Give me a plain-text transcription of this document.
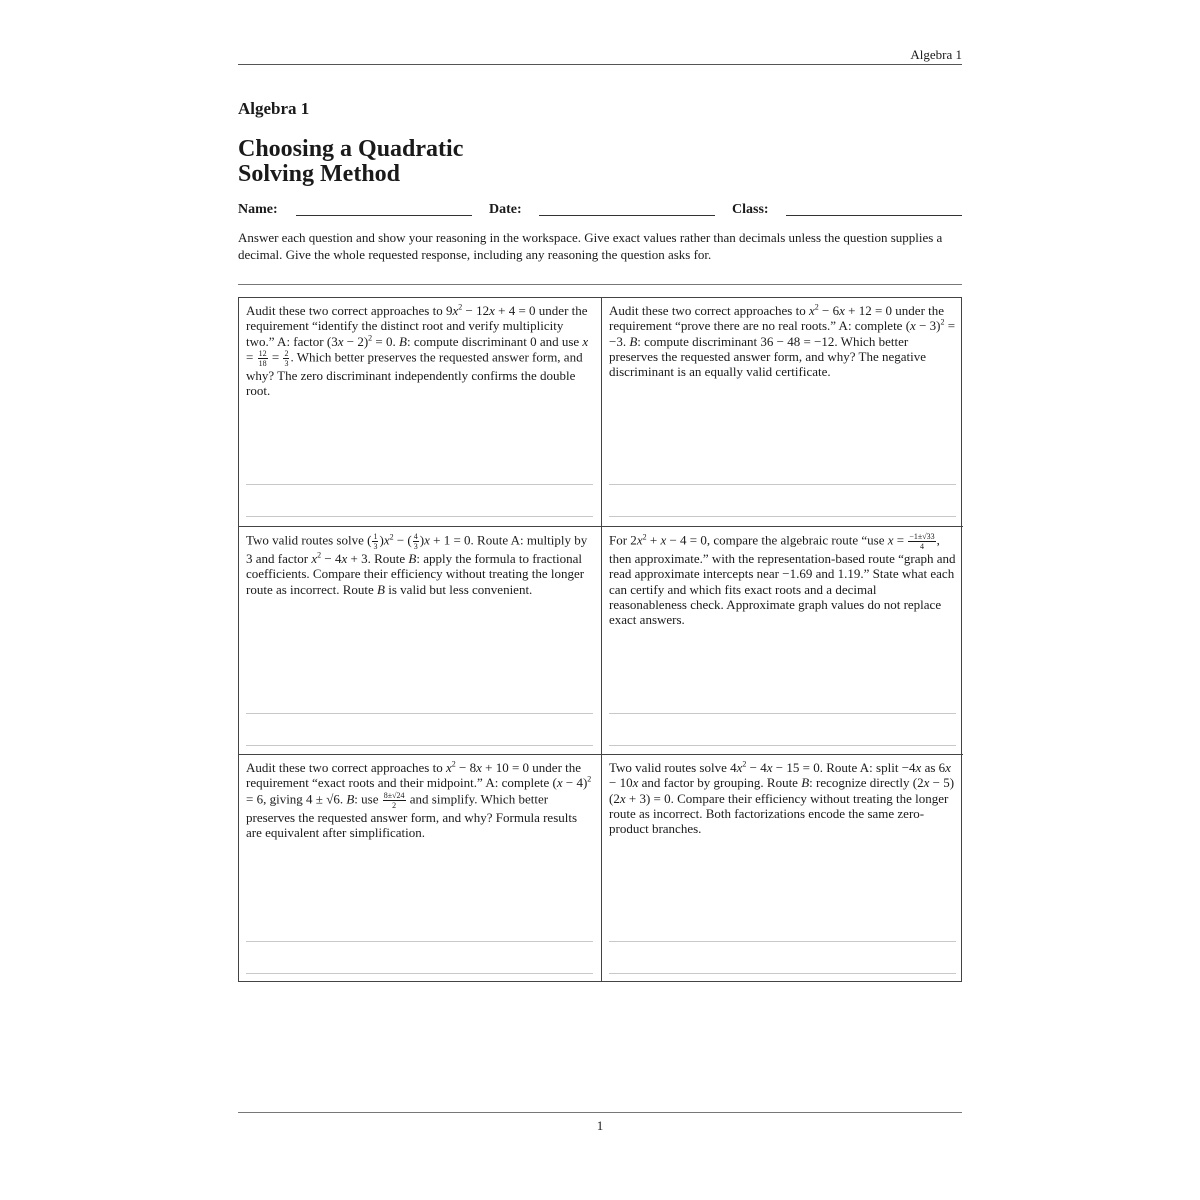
Algebra 1
Algebra 1
Choosing a Quadratic
Solving Method
Name:	Date:	Class:

Answer each question and show your reasoning in the workspace. Give exact values rather than decimals unless the question supplies a decimal. Give the whole requested response, including any reasoning the question asks for.

Audit these two correct approaches to $9x^2 - 12x + 4 = 0$ under the requirement “identify the distinct root and verify multiplicity two.” A: factor $(3x - 2)^2 = 0$. B: compute discriminant 0 and use $x = \frac{12}{18} = \frac{2}{3}$ . Which better preserves the requested answer form, and why? The zero discriminant independently confirms the double root.

Audit these two correct approaches to $x^2 - 6x + 12 = 0$ under the requirement “prove there are no real roots.” A: complete $(x - 3)^2 = -3$. B: compute discriminant 36 − 48 = −12. Which better preserves the requested answer form, and why? The negative discriminant is an equally valid certificate.

Two valid routes solve ( $\frac{1}{3} )x^2$ − ( $\frac{4}{3} )x + 1 = 0$. Route A: multiply by 3 and factor $x^2 - 4x + 3$. Route B: apply the formula to fractional coefficients. Compare their efficiency without treating the longer route as incorrect. Route B is valid but less convenient.

For $2x^2 + x - 4 = 0$, compare the algebraic route “use $x = \frac{-1\pm√33}{4}$ , then approximate.” with the representation-based route “graph and read approximate intercepts near −1.69 and 1.19.” State what each can certify and which fits exact roots and a decimal reasonableness check. Approximate graph values do not replace exact answers.

Audit these two correct approaches to $x^2 - 8x + 10 = 0$ under the requirement “exact roots and their midpoint.” A: complete $(x - 4)^2 = 6$, giving 4 ± √6. B: use $\frac{8\pm√24}{2}$ and simplify. Which better preserves the requested answer form, and why? Formula results are equivalent after simplification.

Two valid routes solve $4x^2 - 4x - 15 = 0$. Route A: split −4x as 6x − 10x and factor by grouping. Route B: recognize directly (2x − 5)(2x + 3) = 0. Compare their efficiency without treating the longer route as incorrect. Both factorizations encode the same zero-product branches.

1
